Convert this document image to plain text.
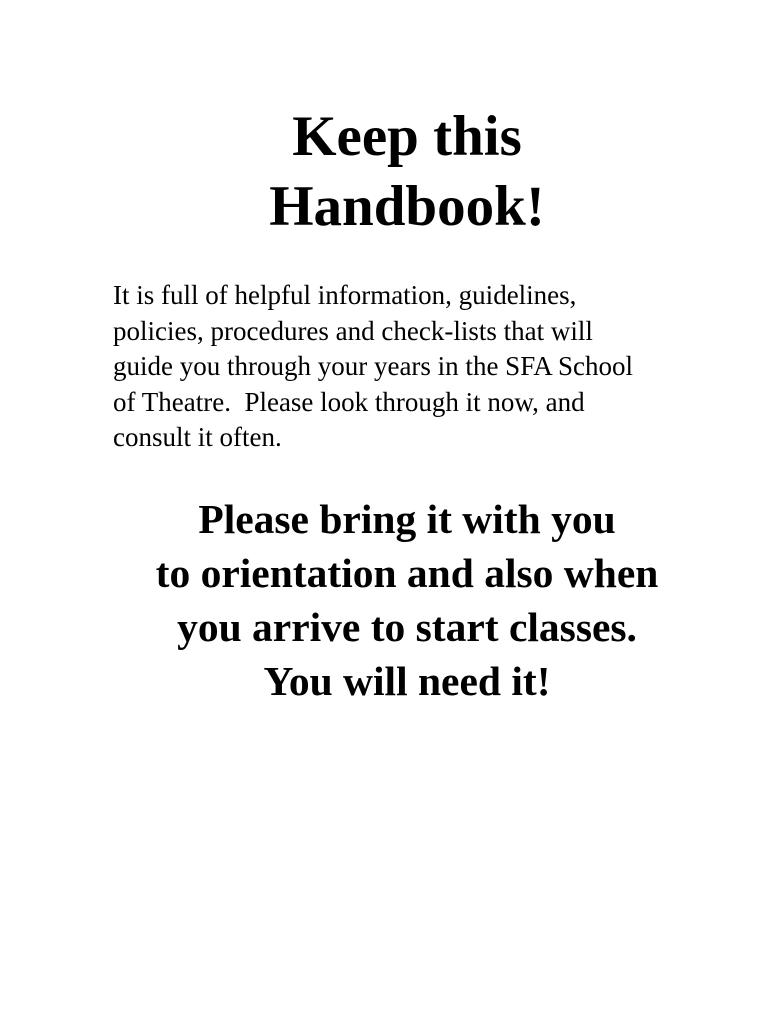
Keep this
Handbook!

It is full of helpful information, guidelines,
policies, procedures and check-lists that will
guide you through your years in the SFA School
of Theatre.  Please look through it now, and
consult it often.

Please bring it with you
to orientation and also when
you arrive to start classes.
You will need it!
